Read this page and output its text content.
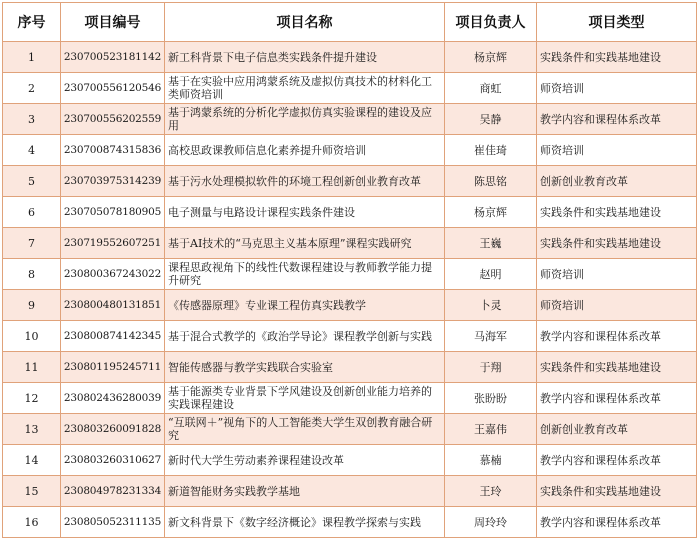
序号	项目编号	项目名称	项目负责人	项目类型

1	230700523181142	新工科背景下电子信息类实践条件提升建设	杨京辉	实践条件和实践基地建设

2	230700556120546	基于在实验中应用鸿蒙系统及虚拟仿真技术的材料化工类师资培训	商虹	师资培训

3	230700556202559	基于鸿蒙系统的分析化学虚拟仿真实验课程的建设及应用	吴静	教学内容和课程体系改革

4	230700874315836	高校思政课教师信息化素养提升师资培训	崔佳琦	师资培训

5	230703975314239	基于污水处理模拟软件的环境工程创新创业教育改革	陈思铭	创新创业教育改革

6	230705078180905	电子测量与电路设计课程实践条件建设	杨京辉	实践条件和实践基地建设

7	230719552607251	基于AI技术的“马克思主义基本原理”课程实践研究	王巍	实践条件和实践基地建设

8	230800367243022	课程思政视角下的线性代数课程建设与教师教学能力提升研究	赵明	师资培训

9	230800480131851	《传感器原理》专业课工程仿真实践教学	卜灵	师资培训

10	230800874142345	基于混合式教学的《政治学导论》课程教学创新与实践	马海军	教学内容和课程体系改革

11	230801195245711	智能传感器与教学实践联合实验室	于翔	实践条件和实践基地建设

12	230802436280039	基于能源类专业背景下学风建设及创新创业能力培养的实践课程建设	张盼盼	教学内容和课程体系改革

13	230803260091828	“互联网＋”视角下的人工智能类大学生双创教育融合研究	王嘉伟	创新创业教育改革

14	230803260310627	新时代大学生劳动素养课程建设改革	慕楠	教学内容和课程体系改革

15	230804978231334	新道智能财务实践教学基地	王玲	实践条件和实践基地建设

16	230805052311135	新文科背景下《数字经济概论》课程教学探索与实践	周玲玲	教学内容和课程体系改革
